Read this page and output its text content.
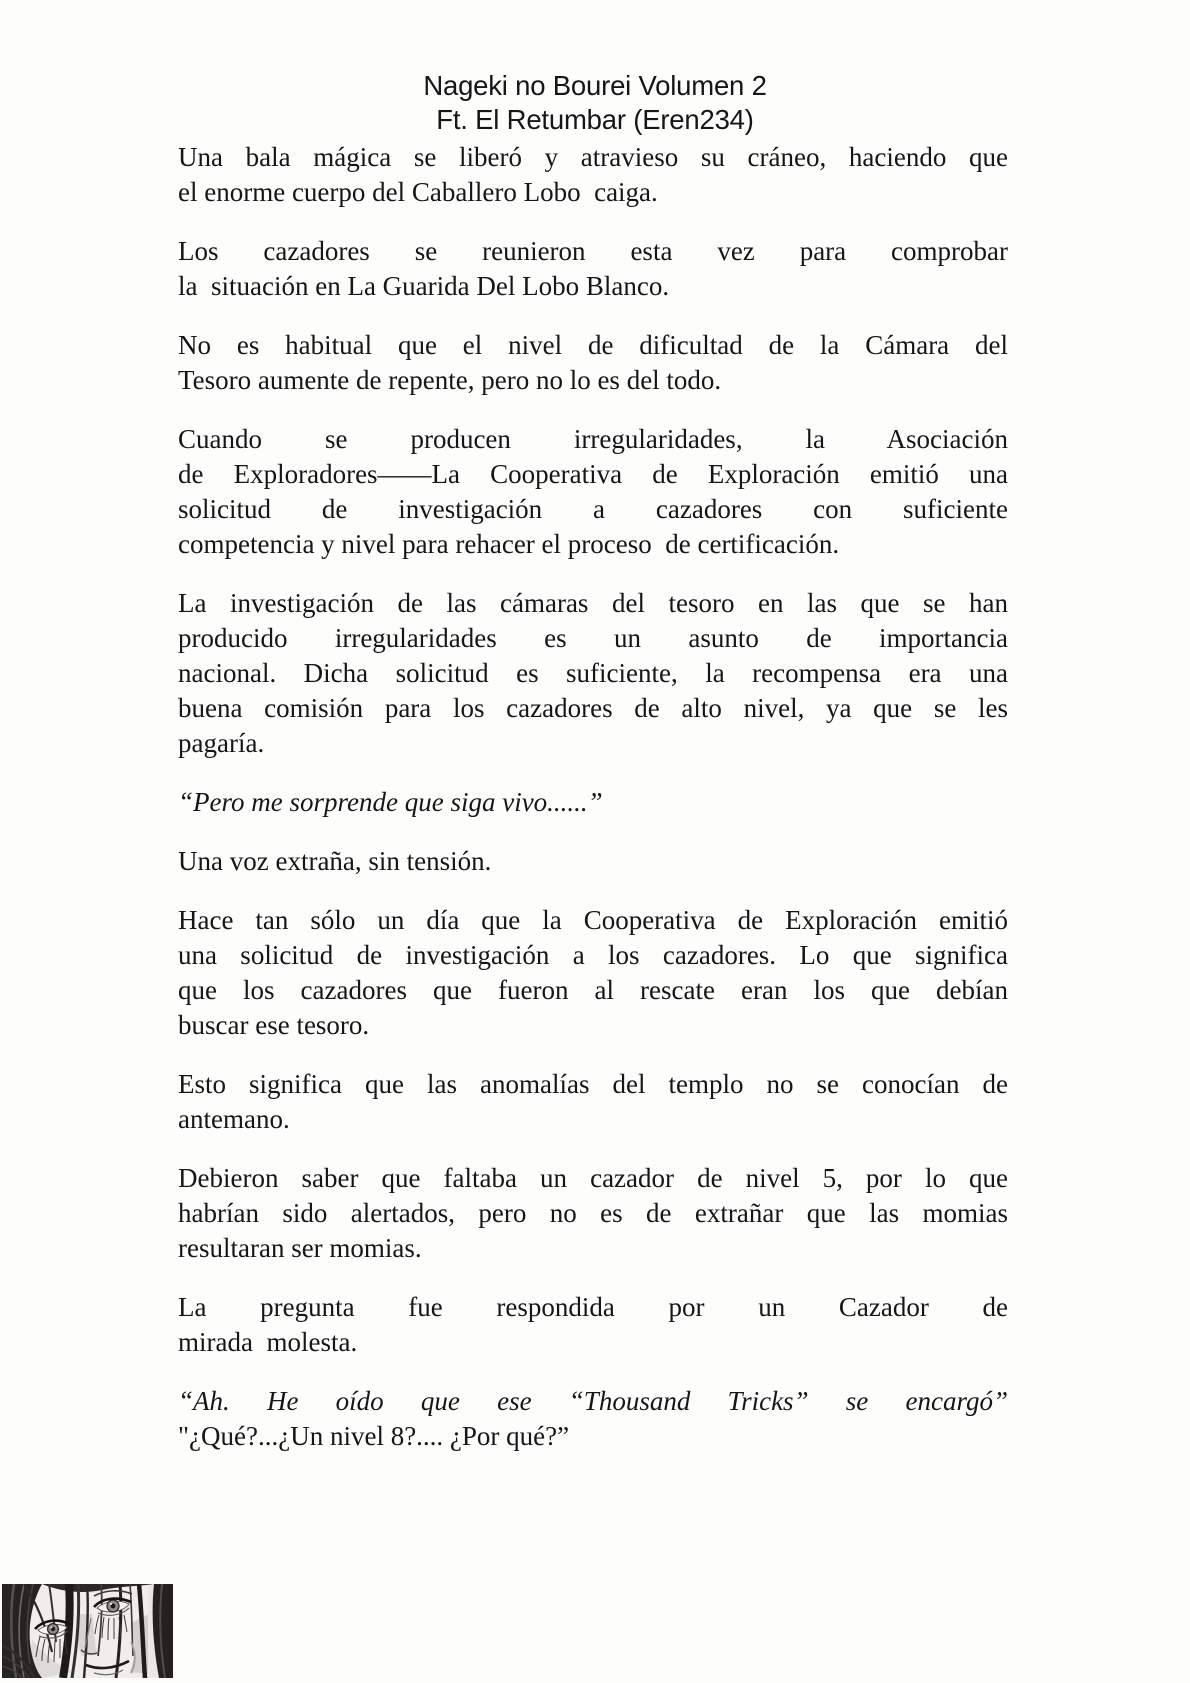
Nageki no Bourei Volumen 2
Ft. El Retumbar (Eren234)
Una bala mágica se liberó y atravieso su cráneo, haciendo que
el enorme cuerpo del Caballero Lobo  caiga.
Los cazadores se reunieron esta vez para comprobar
la  situación en La Guarida Del Lobo Blanco.
No es habitual que el nivel de dificultad de la Cámara del
Tesoro aumente de repente, pero no lo es del todo.
Cuando se producen irregularidades, la Asociación
de Exploradores——La Cooperativa de Exploración emitió una
solicitud de investigación a cazadores con suficiente
competencia y nivel para rehacer el proceso  de certificación.
La investigación de las cámaras del tesoro en las que se han
producido irregularidades es un asunto de importancia
nacional. Dicha solicitud es suficiente, la recompensa era una
buena comisión para los cazadores de alto nivel, ya que se les
pagaría.
“Pero me sorprende que siga vivo......”
Una voz extraña, sin tensión.
Hace tan sólo un día que la Cooperativa de Exploración emitió
una solicitud de investigación a los cazadores. Lo que significa
que los cazadores que fueron al rescate eran los que debían
buscar ese tesoro.
Esto significa que las anomalías del templo no se conocían de
antemano.
Debieron saber que faltaba un cazador de nivel 5, por lo que
habrían sido alertados, pero no es de extrañar que las momias
resultaran ser momias.
La pregunta fue respondida por un Cazador de
mirada  molesta.
“Ah. He oído que ese “Thousand Tricks” se encargó”
"¿Qué?...¿Un nivel 8?.... ¿Por qué?”
